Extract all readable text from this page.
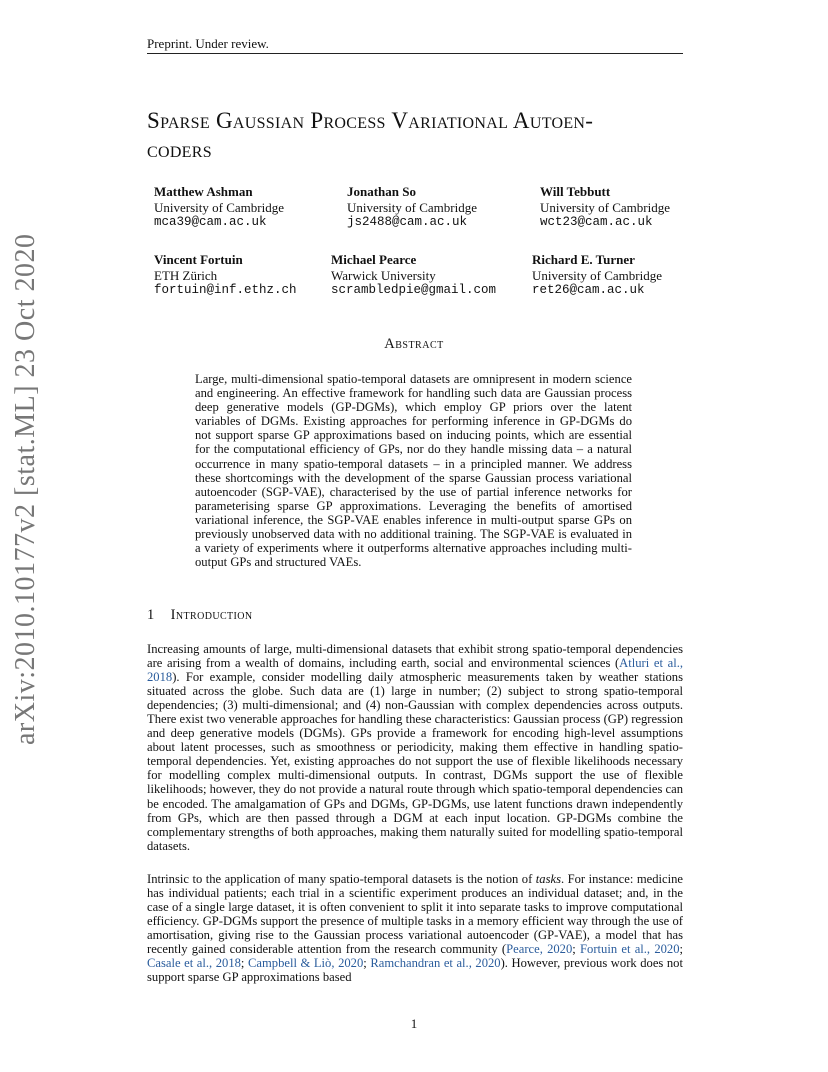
Preprint. Under review.
Sparse Gaussian Process Variational Autoen-
coders
Matthew Ashman
University of Cambridge
mca39@cam.ac.uk
Jonathan So
University of Cambridge
js2488@cam.ac.uk
Will Tebbutt
University of Cambridge
wct23@cam.ac.uk
Vincent Fortuin
ETH Zürich
fortuin@inf.ethz.ch
Michael Pearce
Warwick University
scrambledpie@gmail.com
Richard E. Turner
University of Cambridge
ret26@cam.ac.uk
arXiv:2010.10177v2 [stat.ML] 23 Oct 2020	Abstract
Large, multi-dimensional spatio-temporal datasets are omnipresent in modern science and engineering. An effective framework for handling such data are Gaussian process deep generative models (GP-DGMs), which employ GP priors over the latent variables of DGMs. Existing approaches for performing inference in GP-DGMs do not support sparse GP approximations based on inducing points, which are essential for the computational efficiency of GPs, nor do they handle missing data – a natural occurrence in many spatio-temporal datasets – in a principled manner. We address these shortcomings with the development of the sparse Gaussian process variational autoencoder (SGP-VAE), characterised by the use of partial inference networks for parameterising sparse GP approximations. Leveraging the benefits of amortised variational inference, the SGP-VAE enables inference in multi-output sparse GPs on previously unobserved data with no additional training. The SGP-VAE is evaluated in a variety of experiments where it outperforms alternative approaches including multi-output GPs and structured VAEs.
1 Introduction
Increasing amounts of large, multi-dimensional datasets that exhibit strong spatio-temporal dependencies are arising from a wealth of domains, including earth, social and environmental sciences (Atluri et al., 2018). For example, consider modelling daily atmospheric measurements taken by weather stations situated across the globe. Such data are (1) large in number; (2) subject to strong spatio-temporal dependencies; (3) multi-dimensional; and (4) non-Gaussian with complex dependencies across outputs. There exist two venerable approaches for handling these characteristics: Gaussian process (GP) regression and deep generative models (DGMs). GPs provide a framework for encoding high-level assumptions about latent processes, such as smoothness or periodicity, making them effective in handling spatio-temporal dependencies. Yet, existing approaches do not support the use of flexible likelihoods necessary for modelling complex multi-dimensional outputs. In contrast, DGMs support the use of flexible likelihoods; however, they do not provide a natural route through which spatio-temporal dependencies can be encoded. The amalgamation of GPs and DGMs, GP-DGMs, use latent functions drawn independently from GPs, which are then passed through a DGM at each input location. GP-DGMs combine the complementary strengths of both approaches, making them naturally suited for modelling spatio-temporal datasets.
Intrinsic to the application of many spatio-temporal datasets is the notion of tasks. For instance: medicine has individual patients; each trial in a scientific experiment produces an individual dataset; and, in the case of a single large dataset, it is often convenient to split it into separate tasks to improve computational efficiency. GP-DGMs support the presence of multiple tasks in a memory efficient way through the use of amortisation, giving rise to the Gaussian process variational autoencoder (GP-VAE), a model that has recently gained considerable attention from the research community (Pearce, 2020; Fortuin et al., 2020; Casale et al., 2018; Campbell & Liò, 2020; Ramchandran et al., 2020). However, previous work does not support sparse GP approximations based
1
